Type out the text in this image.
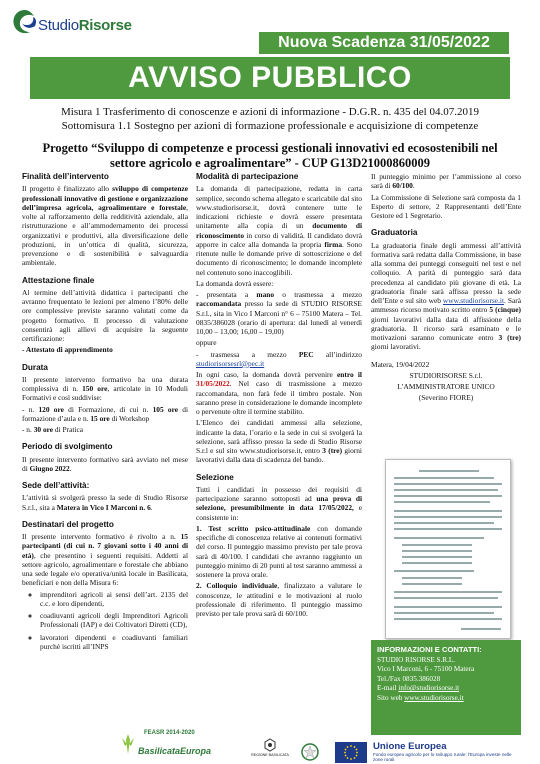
StudioRisorse
Nuova Scadenza 31/05/2022
AVVISO PUBBLICO
Misura 1 Trasferimento di conoscenze e azioni di informazione - D.G.R. n. 435 del 04.07.2019
Sottomisura 1.1 Sostegno per azioni di formazione professionale e acquisizione di competenze
Progetto “Sviluppo di competenze e processi gestionali innovativi ed ecosostenibili nel settore agricolo e agroalimentare” - CUP G13D21000860009
Finalità dell’intervento

Il progetto è finalizzato allo sviluppo di competenze professionali innovative di gestione e organizzazione dell’impresa agricola, agroalimentare e forestale, volte al rafforzamento della redditività aziendale, alla ristrutturazione e all’ammodernamento dei processi organizzativi e produttivi, alla diversificazione delle produzioni, in un’ottica di qualità, sicurezza, prevenzione e di sostenibilità e salvaguardia ambientale.

Attestazione finale

Al termine dell’attività didattica i partecipanti che avranno frequentato le lezioni per almeno l’80% delle ore complessive previste saranno valutati come da progetto formativo. Il processo di valutazione consentirà agli allievi di acquisire la seguente certificazione:

- Attestato di apprendimento

Durata

Il presente intervento formativo ha una durata complessiva di n. 150 ore, articolate in 10 Moduli Formativi e così suddivise:

- n. 120 ore di Formazione, di cui n. 105 ore di formazione d’aula e n. 15 ore di Workshop

- n. 30 ore di Pratica

Periodo di svolgimento

Il presente intervento formativo sarà avviato nel mese di Giugno 2022.

Sede dell’attività:

L’attività si svolgerà presso la sede di Studio Risorse S.r.l., sita a Matera in Vico I Marconi n. 6.

Destinatari del progetto

Il presente intervento formativo è rivolto a n. 15 partecipanti (di cui n. 7 giovani sotto i 40 anni di età), che presentino i seguenti requisiti. Addetti al settore agricolo, agroalimentare e forestale che abbiano una sede legale e/o operativa/unità locale in Basilicata, beneficiari e non della Misura 6:

◦ imprenditori agricoli ai sensi dell’art. 2135 del c.c. e loro dipendenti,
◦ coadiuvanti agricoli degli Imprenditori Agricoli Professionali (IAP) e dei Coltivatori Diretti (CD),
◦ lavoratori dipendenti e coadiuvanti familiari purchè iscritti all’INPS
Modalità di partecipazione

La domanda di partecipazione, redatta in carta semplice, secondo schema allegato e scaricabile dal sito www.studiorisorse.it, dovrà contenere tutte le indicazioni richieste e dovrà essere presentata unitamente alla copia di un documento di riconoscimento in corso di validità. Il candidato dovrà apporre in calce alla domanda la propria firma. Sono ritenute nulle le domande prive di sottoscrizione e del documento di riconoscimento; le domande incomplete nel contenuto sono inaccoglibili.

La domanda dovrà essere:

- presentata a mano o trasmessa a mezzo raccomandata presso la sede di STUDIO RISORSE S.r.l., sita in Vico I Marconi n° 6 – 75100 Matera – Tel. 0835/386028 (orario di apertura: dal lunedì al venerdì 10,00 – 13,00; 16,00 – 19,00)

oppure

- trasmessa a mezzo PEC all’indirizzo studiorisorsesrl@pec.it

In ogni caso, la domanda dovrà pervenire entro il 31/05/2022. Nel caso di trasmissione a mezzo raccomandata, non farà fede il timbro postale. Non saranno prese in considerazione le domande incomplete o pervenute oltre il termine stabilito.

L’Elenco dei candidati ammessi alla selezione, indicante la data, l’orario e la sede in cui si svolgerà la selezione, sarà affisso presso la sede di Studio Risorse S.r.l e sul sito www.studiorisorse.it, entro 3 (tre) giorni lavorativi dalla data di scadenza del bando.

Selezione

Tutti i candidati in possesso dei requisiti di partecipazione saranno sottoposti ad una prova di selezione, presumibilmente in data 17/05/2022, e consistente in:

1. Test scritto psico-attitudinale con domande specifiche di conoscenza relative ai contenuti formativi del corso. Il punteggio massimo previsto per tale prova sarà di 40/100. I candidati che avranno raggiunto un punteggio minimo di 20 punti al test saranno ammessi a sostenere la prova orale.

2. Colloquio individuale, finalizzato a valutare le conoscenze, le attitudini e le motivazioni al ruolo professionale di riferimento. Il punteggio massimo previsto per tale prova sarà di 60/100.

Il punteggio minimo per l’ammissione al corso sarà di 60/100.

La Commissione di Selezione sarà composta da 1 Esperto di settore, 2 Rappresentanti dell’Ente Gestore ed 1 Segretario.

Graduatoria

La graduatoria finale degli ammessi all’attività formativa sarà redatta dalla Commissione, in base alla somma dei punteggi conseguiti nel test e nel colloquio. A parità di punteggio sarà data precedenza al candidato più giovane di età. La graduatoria finale sarà affissa presso la sede dell’Ente e sul sito web www.studiorisorse.it. Sarà ammesso ricorso motivato scritto entro 5 (cinque) giorni lavorativi dalla data di affissione della graduatoria. Il ricorso sarà esaminato e le motivazioni saranno comunicate entro 3 (tre) giorni lavorativi.

Matera, 19/04/2022

STUDIORISORSE S.r.l.

L’AMMINISTRATORE UNICO

(Severino FIORE)

INFORMAZIONI E CONTATTI:
STUDIO RISORSE S.R.L.
Vico I Marconi, 6 - 75100 Matera
Tel./Fax 0835.386028
E-mail info@studiorisorse.it
Sito web www.studiorisorse.it
FEASR 2014-2020
BasilicataEuropa	REGIONE BASILICATA
Unione Europea
Fondo europeo agricolo per lo sviluppo rurale: l'Europa investe nelle zone rurali
